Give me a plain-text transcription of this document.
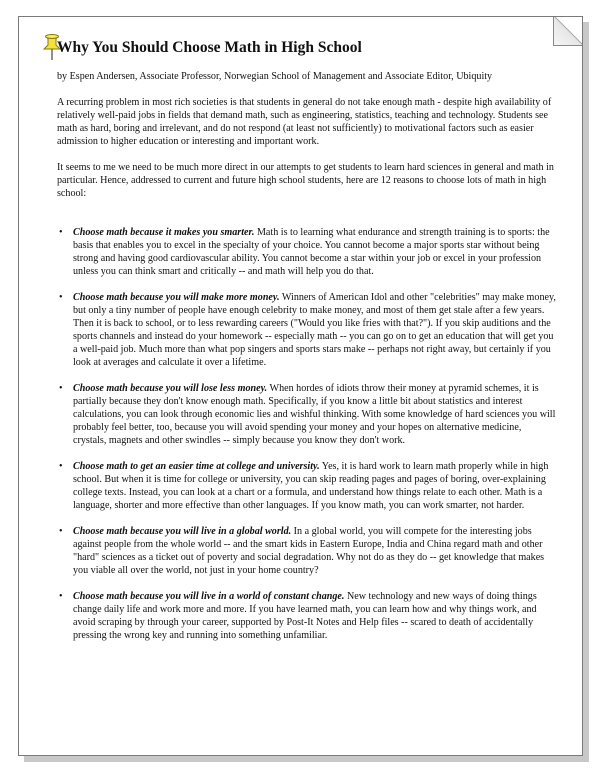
Why You Should Choose Math in High School

by Espen Andersen, Associate Professor, Norwegian School of Management and Associate Editor, Ubiquity

A recurring problem in most rich societies is that students in general do not take enough math - despite high availability of relatively well-paid jobs in fields that demand math, such as engineering, statistics, teaching and technology. Students see math as hard, boring and irrelevant, and do not respond (at least not sufficiently) to motivational factors such as easier admission to higher education or interesting and important work.

It seems to me we need to be much more direct in our attempts to get students to learn hard sciences in general and math in particular. Hence, addressed to current and future high school students, here are 12 reasons to choose lots of math in high school:

• Choose math because it makes you smarter. Math is to learning what endurance and strength training is to sports: the basis that enables you to excel in the specialty of your choice. You cannot become a major sports star without being strong and having good cardiovascular ability. You cannot become a star within your job or excel in your profession unless you can think smart and critically -- and math will help you do that.
• Choose math because you will make more money. Winners of American Idol and other "celebrities" may make money, but only a tiny number of people have enough celebrity to make money, and most of them get stale after a few years. Then it is back to school, or to less rewarding careers ("Would you like fries with that?"). If you skip auditions and the sports channels and instead do your homework -- especially math -- you can go on to get an education that will get you a well-paid job. Much more than what pop singers and sports stars make -- perhaps not right away, but certainly if you look at averages and calculate it over a lifetime.
• Choose math because you will lose less money. When hordes of idiots throw their money at pyramid schemes, it is partially because they don't know enough math. Specifically, if you know a little bit about statistics and interest calculations, you can look through economic lies and wishful thinking. With some knowledge of hard sciences you will probably feel better, too, because you will avoid spending your money and your hopes on alternative medicine, crystals, magnets and other swindles -- simply because you know they don't work.
• Choose math to get an easier time at college and university. Yes, it is hard work to learn math properly while in high school. But when it is time for college or university, you can skip reading pages and pages of boring, over-explaining college texts. Instead, you can look at a chart or a formula, and understand how things relate to each other. Math is a language, shorter and more effective than other languages. If you know math, you can work smarter, not harder.
• Choose math because you will live in a global world. In a global world, you will compete for the interesting jobs against people from the whole world -- and the smart kids in Eastern Europe, India and China regard math and other "hard" sciences as a ticket out of poverty and social degradation. Why not do as they do -- get knowledge that makes you viable all over the world, not just in your home country?
• Choose math because you will live in a world of constant change. New technology and new ways of doing things change daily life and work more and more. If you have learned math, you can learn how and why things work, and avoid scraping by through your career, supported by Post-It Notes and Help files -- scared to death of accidentally pressing the wrong key and running into something unfamiliar.
